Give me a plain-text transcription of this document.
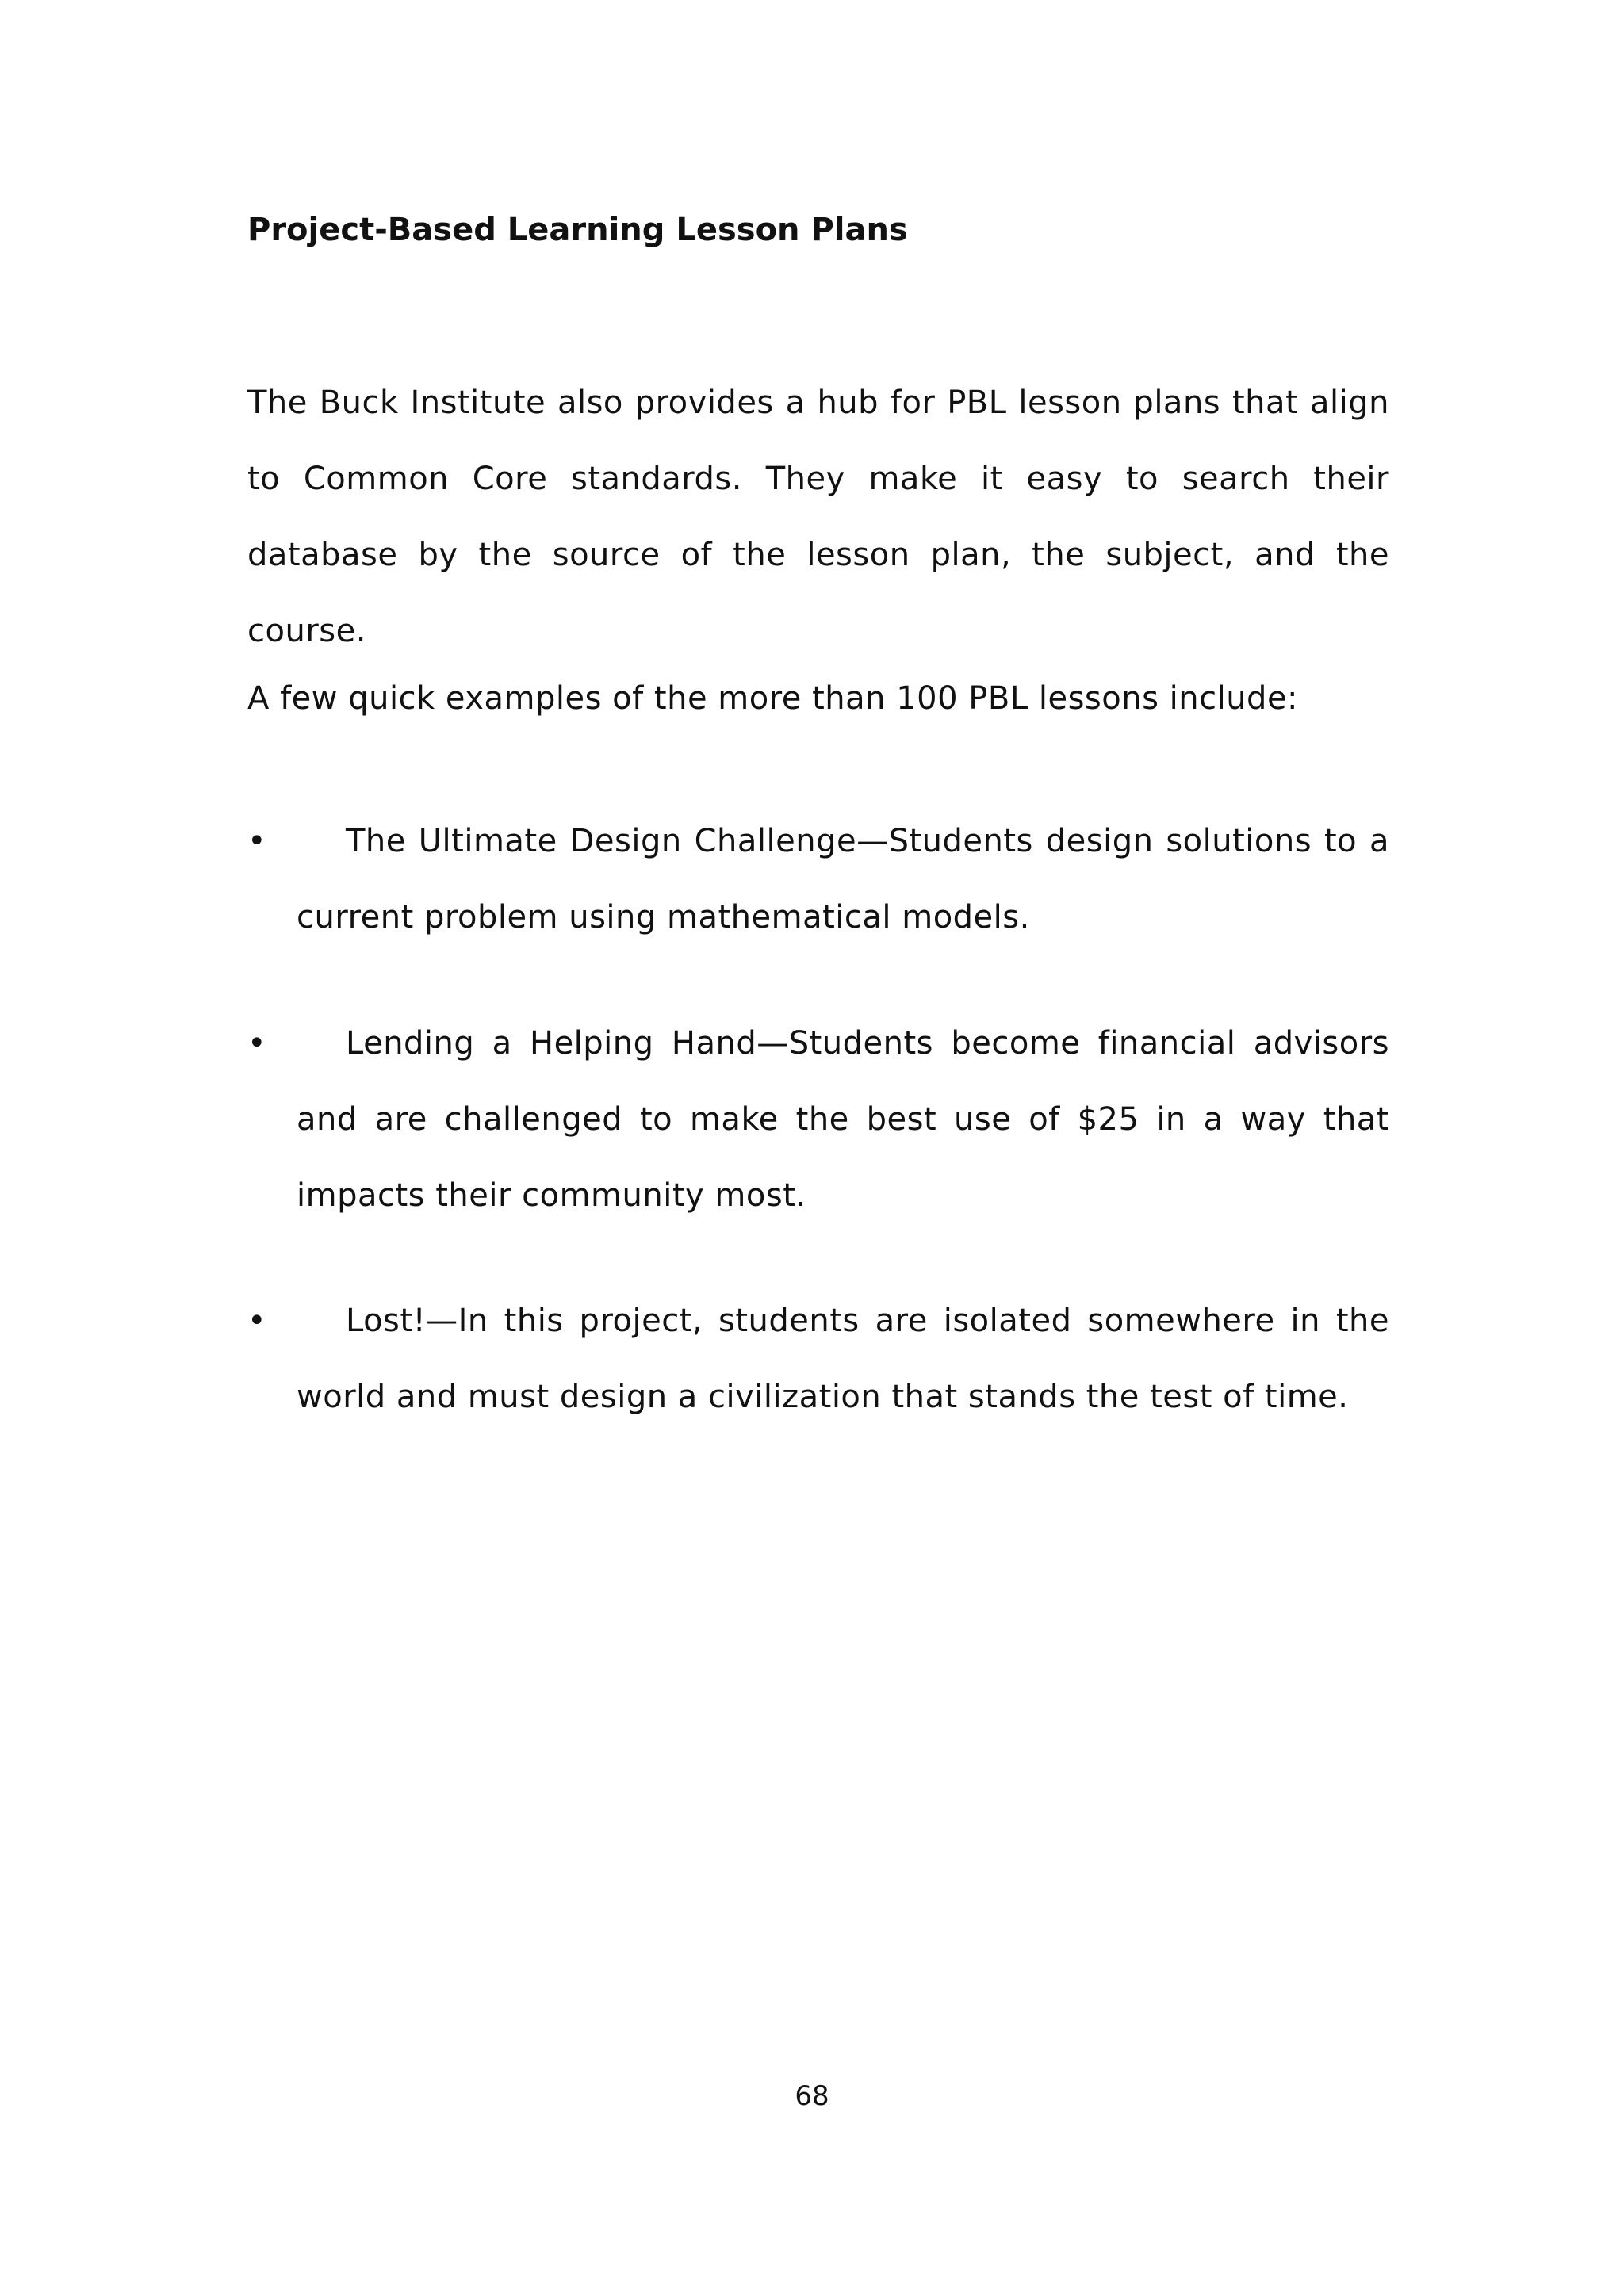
Project-Based Learning Lesson Plans

The Buck Institute also provides a hub for PBL lesson plans that align to Common Core standards. They make it easy to search their database by the source of the lesson plan, the subject, and the course.

A few quick examples of the more than 100 PBL lessons include:

•	The Ultimate Design Challenge—Students design solutions to a current problem using mathematical models.

•	Lending a Helping Hand—Students become financial advisors and are challenged to make the best use of $25 in a way that impacts their community most.

•	Lost!—In this project, students are isolated somewhere in the world and must design a civilization that stands the test of time.

68
